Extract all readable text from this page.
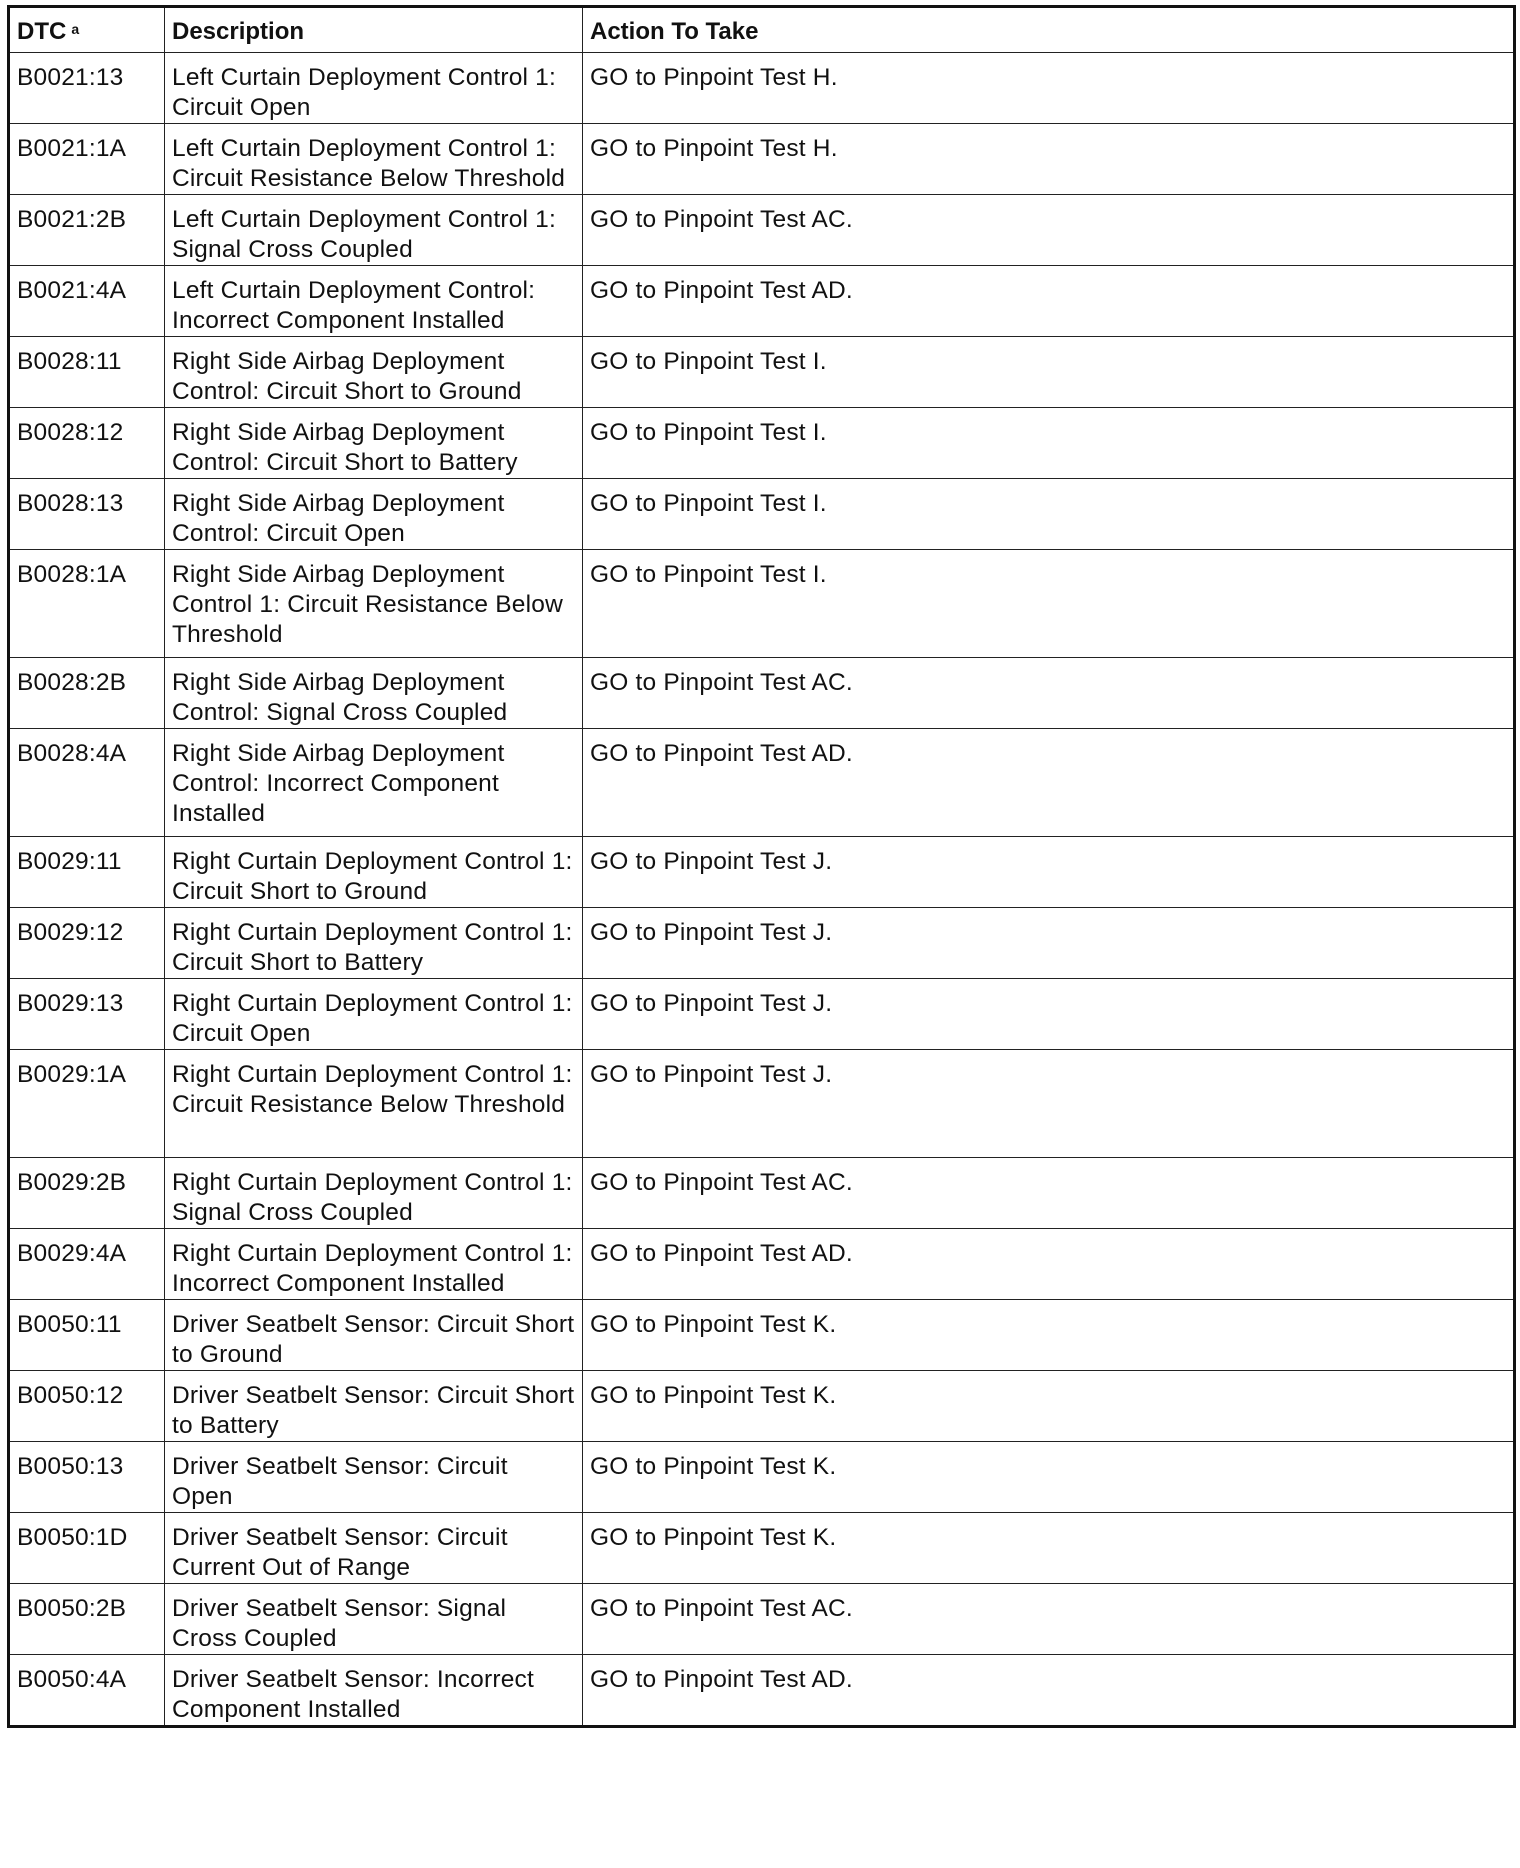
DTC $^a$	Description	Action To Take
B0021:13	Left Curtain Deployment Control 1: Circuit Open	GO to Pinpoint Test H.
B0021:1A	Left Curtain Deployment Control 1: Circuit Resistance Below Threshold	GO to Pinpoint Test H.
B0021:2B	Left Curtain Deployment Control 1: Signal Cross Coupled	GO to Pinpoint Test AC.
B0021:4A	Left Curtain Deployment Control: Incorrect Component Installed	GO to Pinpoint Test AD.
B0028:11	Right Side Airbag Deployment Control: Circuit Short to Ground	GO to Pinpoint Test I.
B0028:12	Right Side Airbag Deployment Control: Circuit Short to Battery	GO to Pinpoint Test I.
B0028:13	Right Side Airbag Deployment Control: Circuit Open	GO to Pinpoint Test I.
B0028:1A	Right Side Airbag Deployment Control 1: Circuit Resistance Below Threshold	GO to Pinpoint Test I.
B0028:2B	Right Side Airbag Deployment Control: Signal Cross Coupled	GO to Pinpoint Test AC.
B0028:4A	Right Side Airbag Deployment Control: Incorrect Component Installed	GO to Pinpoint Test AD.
B0029:11	Right Curtain Deployment Control 1: Circuit Short to Ground	GO to Pinpoint Test J.
B0029:12	Right Curtain Deployment Control 1: Circuit Short to Battery	GO to Pinpoint Test J.
B0029:13	Right Curtain Deployment Control 1: Circuit Open	GO to Pinpoint Test J.
B0029:1A	Right Curtain Deployment Control 1: Circuit Resistance Below Threshold	GO to Pinpoint Test J.
B0029:2B	Right Curtain Deployment Control 1: Signal Cross Coupled	GO to Pinpoint Test AC.
B0029:4A	Right Curtain Deployment Control 1: Incorrect Component Installed	GO to Pinpoint Test AD.
B0050:11	Driver Seatbelt Sensor: Circuit Short to Ground	GO to Pinpoint Test K.
B0050:12	Driver Seatbelt Sensor: Circuit Short to Battery	GO to Pinpoint Test K.
B0050:13	Driver Seatbelt Sensor: Circuit Open	GO to Pinpoint Test K.
B0050:1D	Driver Seatbelt Sensor: Circuit Current Out of Range	GO to Pinpoint Test K.
B0050:2B	Driver Seatbelt Sensor: Signal Cross Coupled	GO to Pinpoint Test AC.
B0050:4A	Driver Seatbelt Sensor: Incorrect Component Installed	GO to Pinpoint Test AD.
